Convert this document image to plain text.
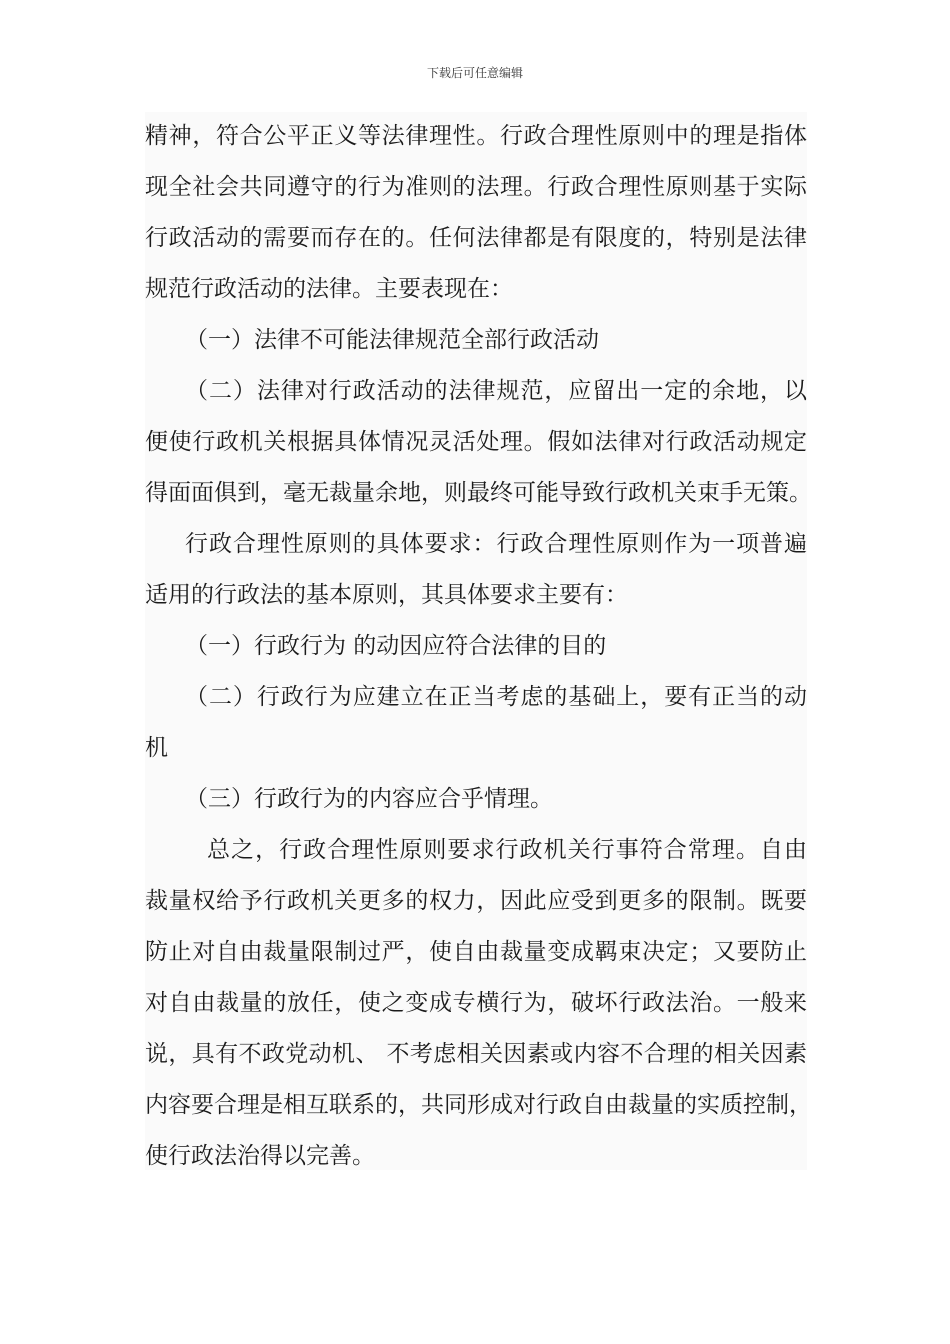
下载后可任意编辑
精神，符合公平正义等法律理性。行政合理性原则中的理是指体
现全社会共同遵守的行为准则的法理。行政合理性原则基于实际
行政活动的需要而存在的。任何法律都是有限度的，特别是法律
规范行政活动的法律。主要表现在：
（一）法律不可能法律规范全部行政活动
（二）法律对行政活动的法律规范，应留出一定的余地，以
便使行政机关根据具体情况灵活处理。假如法律对行政活动规定
得面面俱到，毫无裁量余地，则最终可能导致行政机关束手无策。
行政合理性原则的具体要求：行政合理性原则作为一项普遍
适用的行政法的基本原则，其具体要求主要有：
（一）行政行为 的动因应符合法律的目的
（二）行政行为应建立在正当考虑的基础上，要有正当的动
机
（三）行政行为的内容应合乎情理。
总之，行政合理性原则要求行政机关行事符合常理。自由
裁量权给予行政机关更多的权力，因此应受到更多的限制。既要
防止对自由裁量限制过严，使自由裁量变成羁束决定；又要防止
对自由裁量的放任，使之变成专横行为，破坏行政法治。一般来
说，具有不政党动机、 不考虑相关因素或内容不合理的相关因素
内容要合理是相互联系的，共同形成对行政自由裁量的实质控制，
使行政法治得以完善。
